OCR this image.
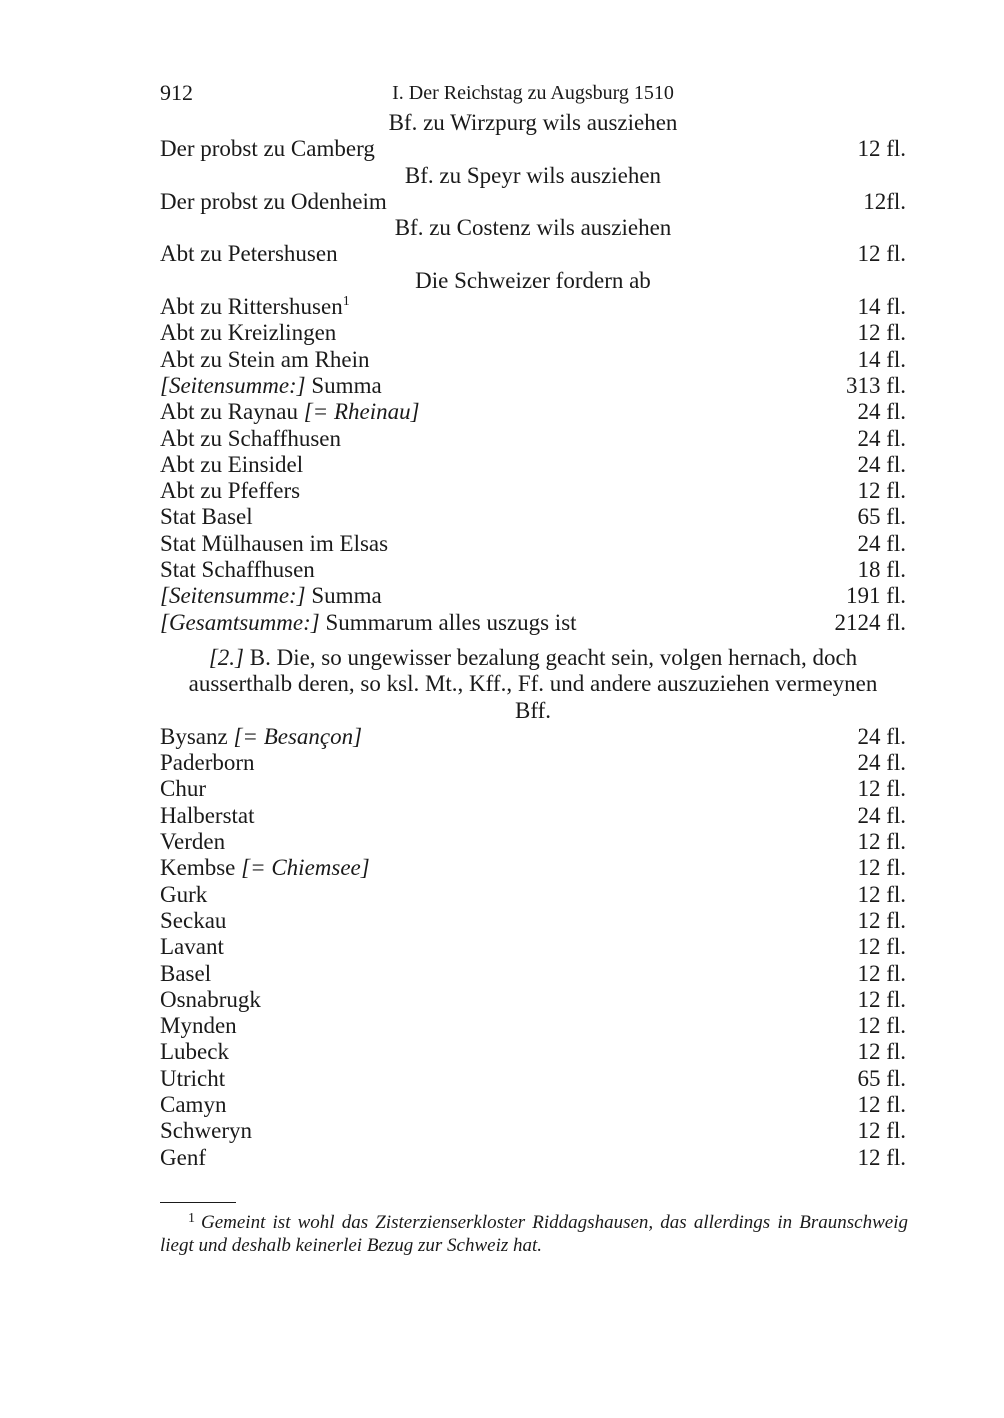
912	I. Der Reichstag zu Augsburg 1510
Bf. zu Wirzpurg wils ausziehen
Der probst zu Camberg	12 fl.
Bf. zu Speyr wils ausziehen
Der probst zu Odenheim	12fl.
Bf. zu Costenz wils ausziehen
Abt zu Petershusen	12 fl.
Die Schweizer fordern ab
Abt zu Rittershusen$^1$	14 fl.
Abt zu Kreizlingen	12 fl.
Abt zu Stein am Rhein	14 fl.
[Seitensumme:] Summa	313 fl.
Abt zu Raynau [= Rheinau]	24 fl.
Abt zu Schaffhusen	24 fl.
Abt zu Einsidel	24 fl.
Abt zu Pfeffers	12 fl.
Stat Basel	65 fl.
Stat Mülhausen im Elsas	24 fl.
Stat Schaffhusen	18 fl.
[Seitensumme:] Summa	191 fl.
[Gesamtsumme:] Summarum alles uszugs ist	2124 fl.
[2.] B. Die, so ungewisser bezalung geacht sein, volgen hernach, doch ausserthalb deren, so ksl. Mt., Kff., Ff. und andere auszuziehen vermeynen Bff.
Bysanz [= Besançon]	24 fl.
Paderborn	24 fl.
Chur	12 fl.
Halberstat	24 fl.
Verden	12 fl.
Kembse [= Chiemsee]	12 fl.
Gurk	12 fl.
Seckau	12 fl.
Lavant	12 fl.
Basel	12 fl.
Osnabrugk	12 fl.
Mynden	12 fl.
Lubeck	12 fl.
Utricht	65 fl.
Camyn	12 fl.
Schweryn	12 fl.
Genf	12 fl.
$^1$ Gemeint ist wohl das Zisterzienserkloster Riddagshausen, das allerdings in Braunschweig liegt und deshalb keinerlei Bezug zur Schweiz hat.
